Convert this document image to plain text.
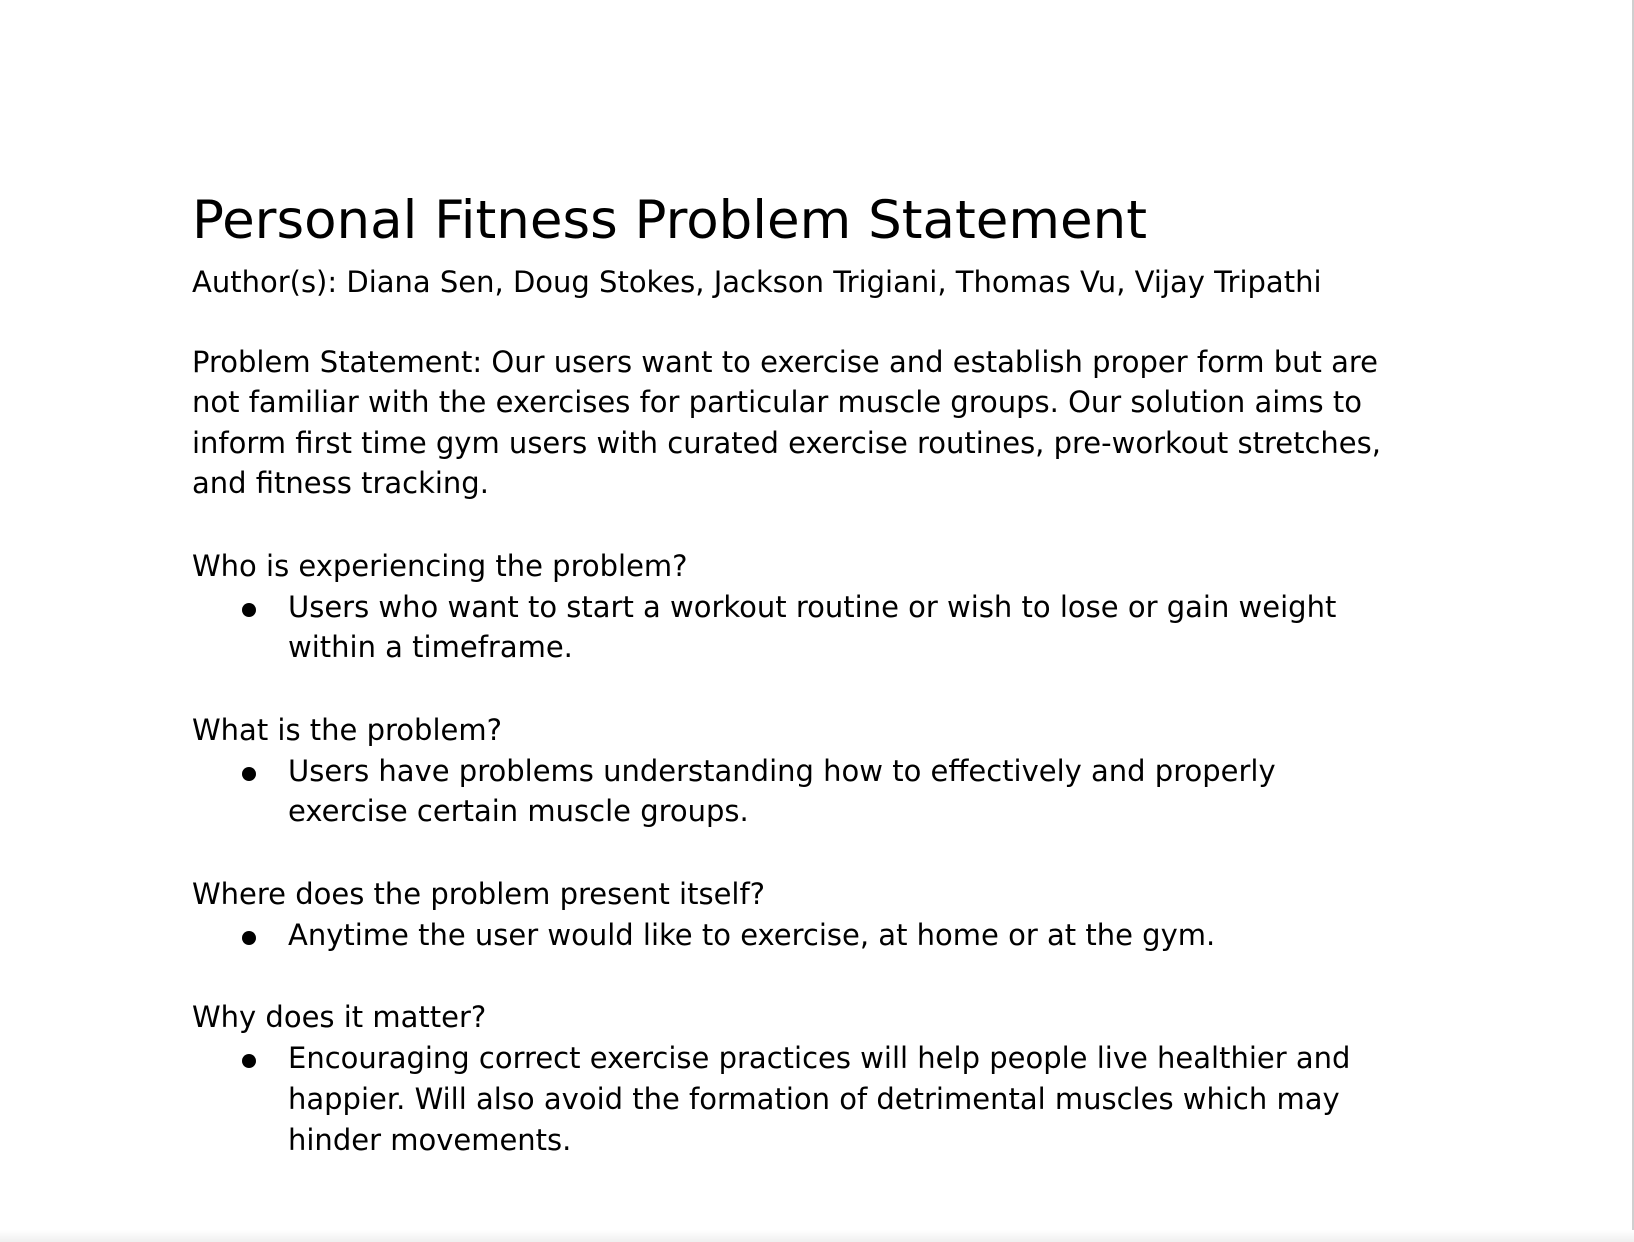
Personal Fitness Problem Statement

Author(s): Diana Sen, Doug Stokes, Jackson Trigiani, Thomas Vu, Vijay Tripathi

Problem Statement: Our users want to exercise and establish proper form but are

not familiar with the exercises for particular muscle groups. Our solution aims to

inform first time gym users with curated exercise routines, pre-workout stretches,

and fitness tracking.

Who is experiencing the problem?

Users who want to start a workout routine or wish to lose or gain weight

within a timeframe.

What is the problem?

Users have problems understanding how to effectively and properly

exercise certain muscle groups.

Where does the problem present itself?

Anytime the user would like to exercise, at home or at the gym.

Why does it matter?

Encouraging correct exercise practices will help people live healthier and

happier. Will also avoid the formation of detrimental muscles which may

hinder movements.
